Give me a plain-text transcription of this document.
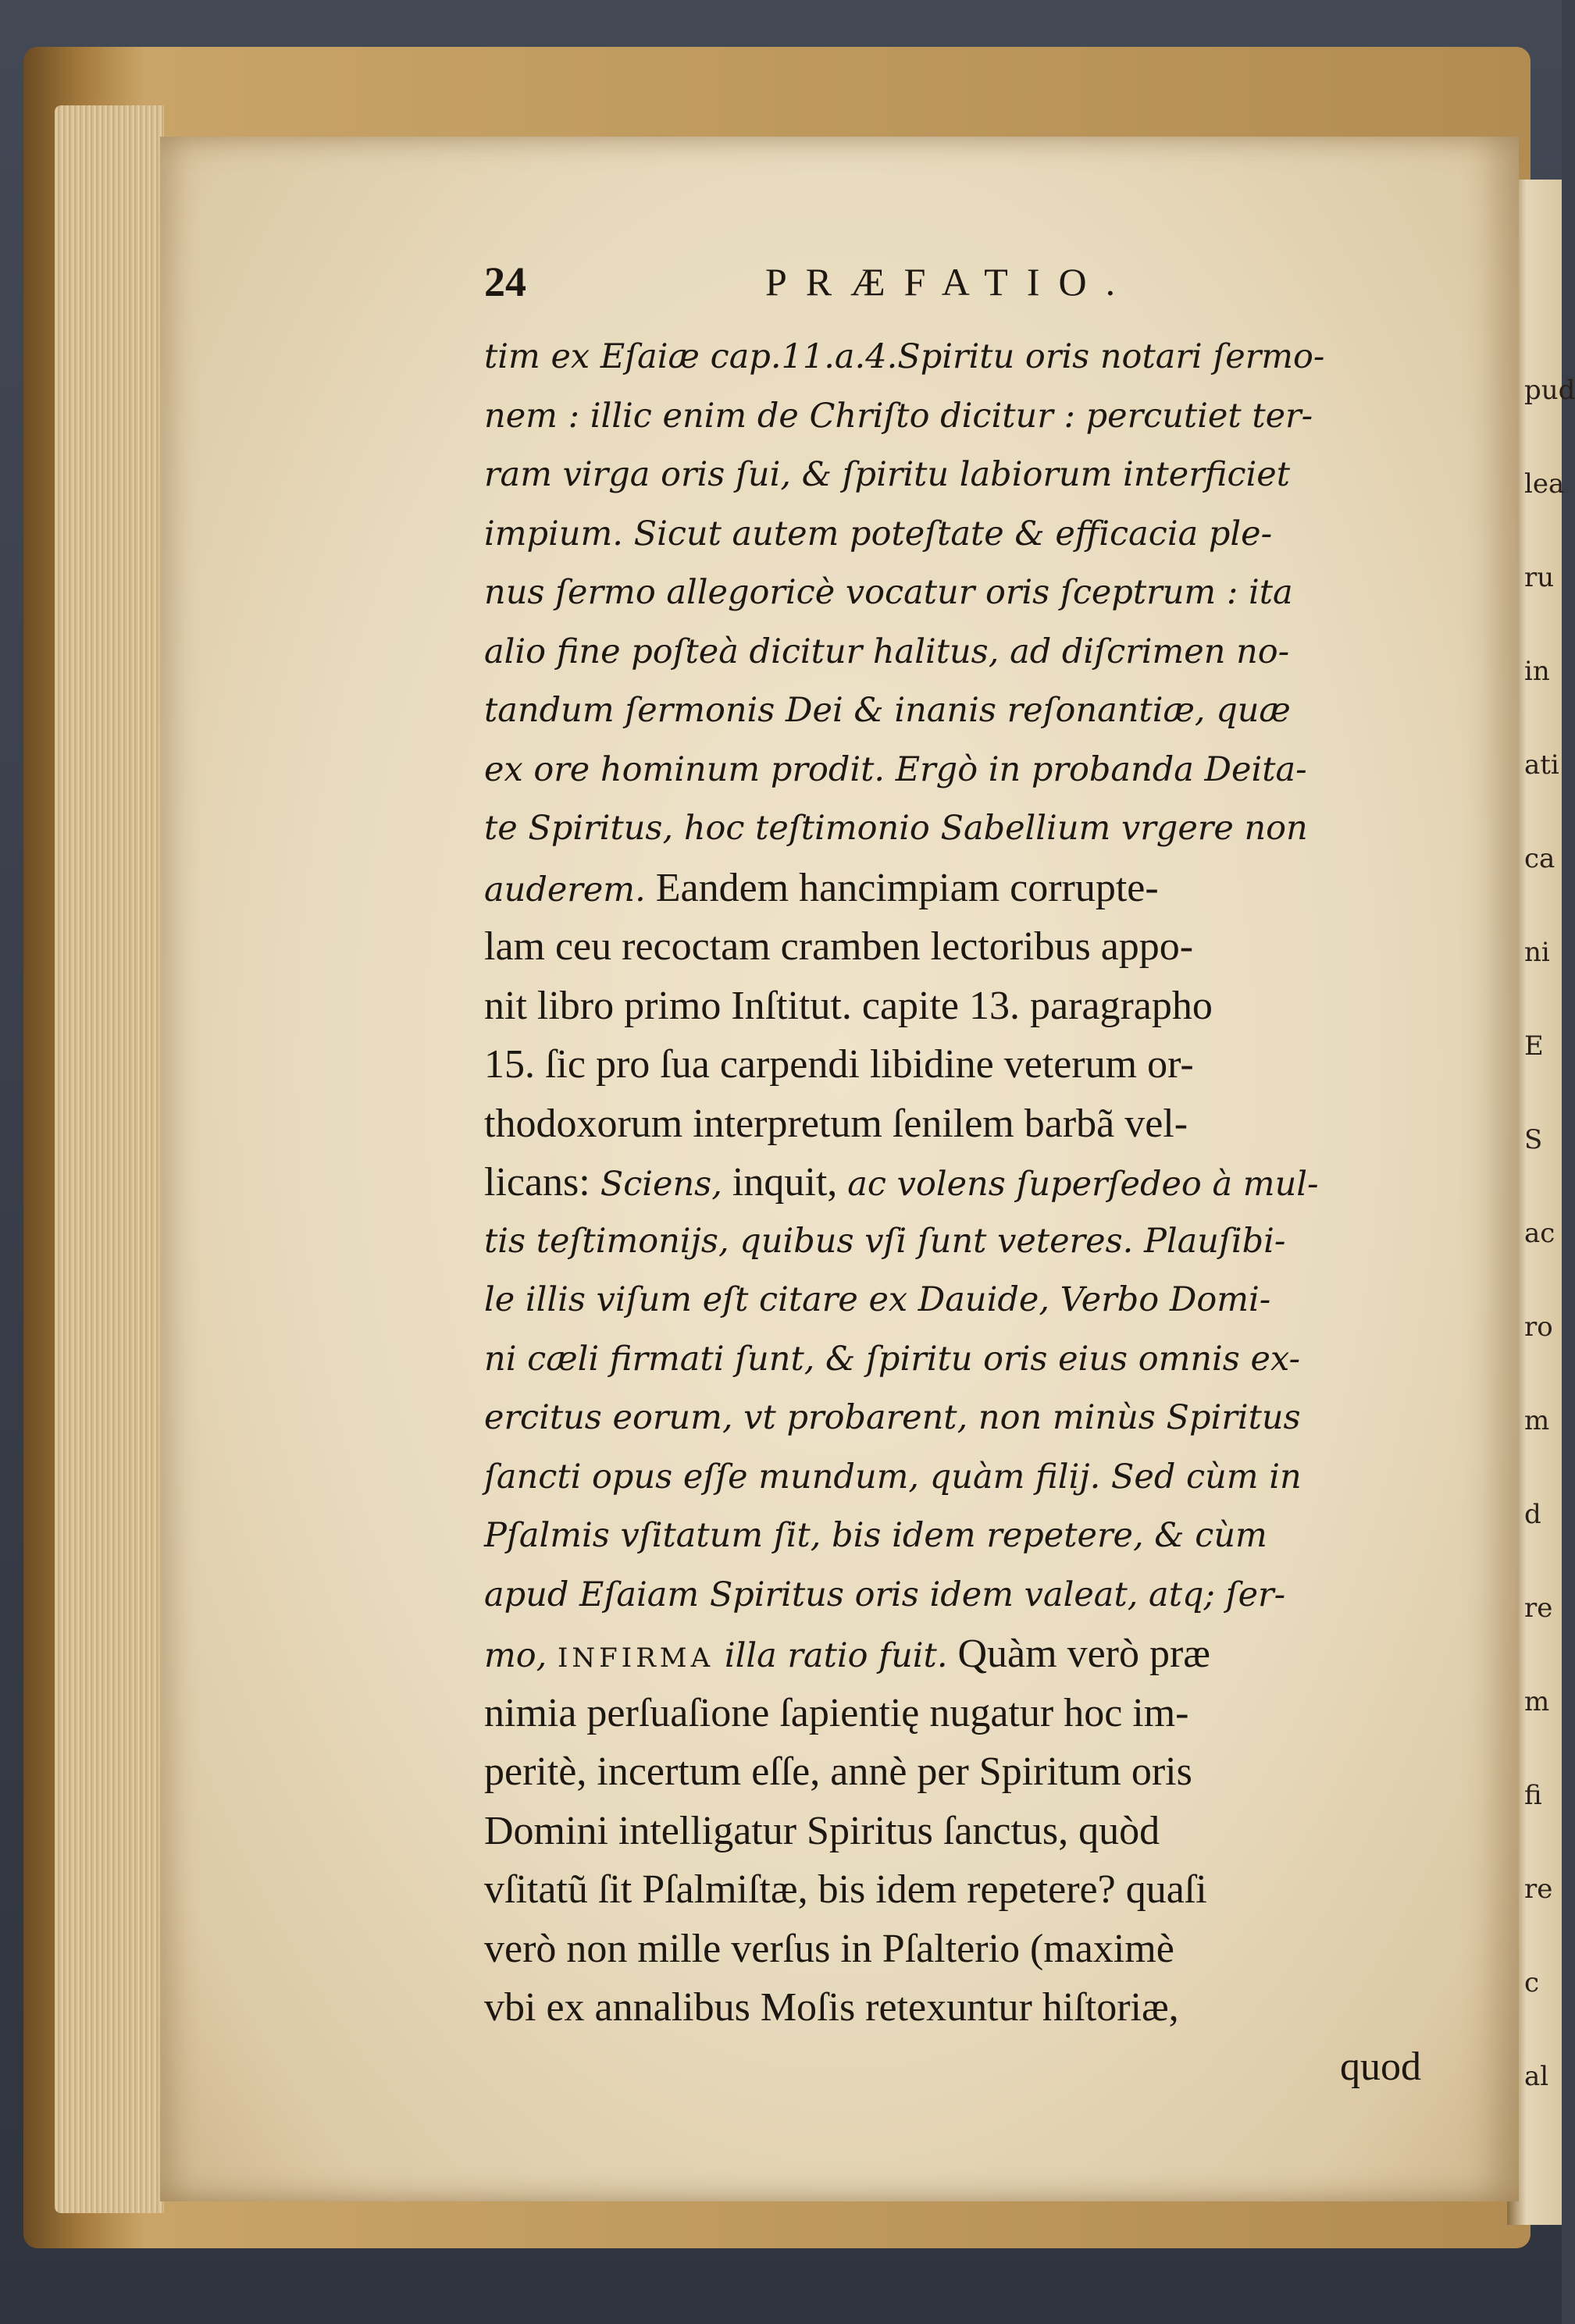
pud
lea
ru
in
ati
ca
ni
E
S
ac
ro
m
d
re
m
fi
re
c
al
24	PRÆFATIO.
tim ex Eſaiæ cap.11.a.4.Spiritu oris notari ſermo-
nem : illic enim de Chriſto dicitur : percutiet ter-
ram virga oris ſui, & ſpiritu labiorum interficiet
impium. Sicut autem poteſtate & efficacia ple-
nus ſermo allegoricè vocatur oris ſceptrum : ita
alio fine poſteà dicitur halitus, ad diſcrimen no-
tandum ſermonis Dei & inanis reſonantiæ, quæ
ex ore hominum prodit. Ergò in probanda Deita-
te Spiritus, hoc teſtimonio Sabellium vrgere non
auderem. Eandem hancimpiam corrupte-
lam ceu recoctam cramben lectoribus appo-
nit libro primo Inſtitut. capite 13. paragrapho
15. ſic pro ſua carpendi libidine veterum or-
thodoxorum interpretum ſenilem barbã vel-
licans: Sciens, inquit, ac volens ſuperſedeo à mul-
tis teſtimonijs, quibus vſi ſunt veteres. Plauſibi-
le illis viſum eſt citare ex Dauide, Verbo Domi-
ni cæli firmati ſunt, & ſpiritu oris eius omnis ex-
ercitus eorum, vt probarent, non minùs Spiritus
ſancti opus eſſe mundum, quàm filij. Sed cùm in
Pſalmis vſitatum ſit, bis idem repetere, & cùm
apud Eſaiam Spiritus oris idem valeat, atq; ſer-
mo, INFIRMA illa ratio fuit. Quàm verò præ
nimia perſuaſione ſapientię nugatur hoc im-
peritè, incertum eſſe, annè per Spiritum oris
Domini intelligatur Spiritus ſanctus, quòd
vſitatũ ſit Pſalmiſtæ, bis idem repetere? quaſi
verò non mille verſus in Pſalterio (maximè
vbi ex annalibus Moſis retexuntur hiſtoriæ,
quod
